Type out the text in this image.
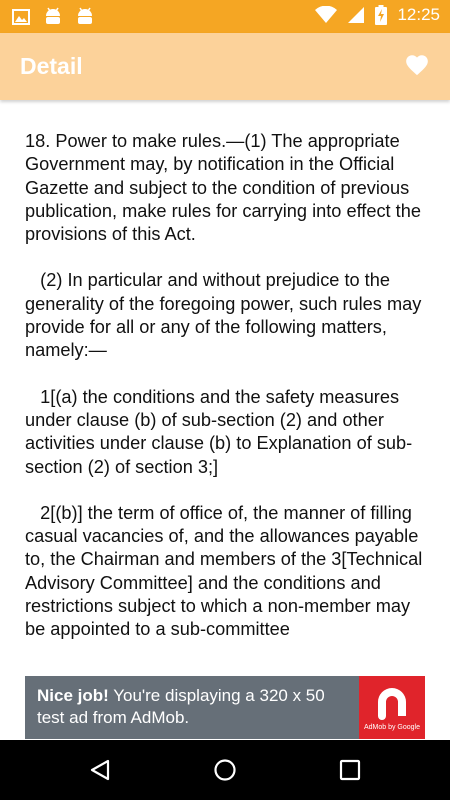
12:25
Detail

18. Power to make rules.—(1) The appropriate Government may, by notification in the Official Gazette and subject to the condition of previous publication, make rules for carrying into effect the provisions of this Act.

(2) In particular and without prejudice to the generality of the foregoing power, such rules may provide for all or any of the following matters, namely:—

1[(a) the conditions and the safety measures under clause (b) of sub-section (2) and other activities under clause (b) to Explanation of sub-section (2) of section 3;]

2[(b)] the term of office of, the manner of filling casual vacancies of, and the allowances payable to, the Chairman and members of the 3[Technical Advisory Committee] and the conditions and restrictions subject to which a non-member may be appointed to a sub-committee

Nice job! You're displaying a 320 x 50 test ad from AdMob.
AdMob by Google
